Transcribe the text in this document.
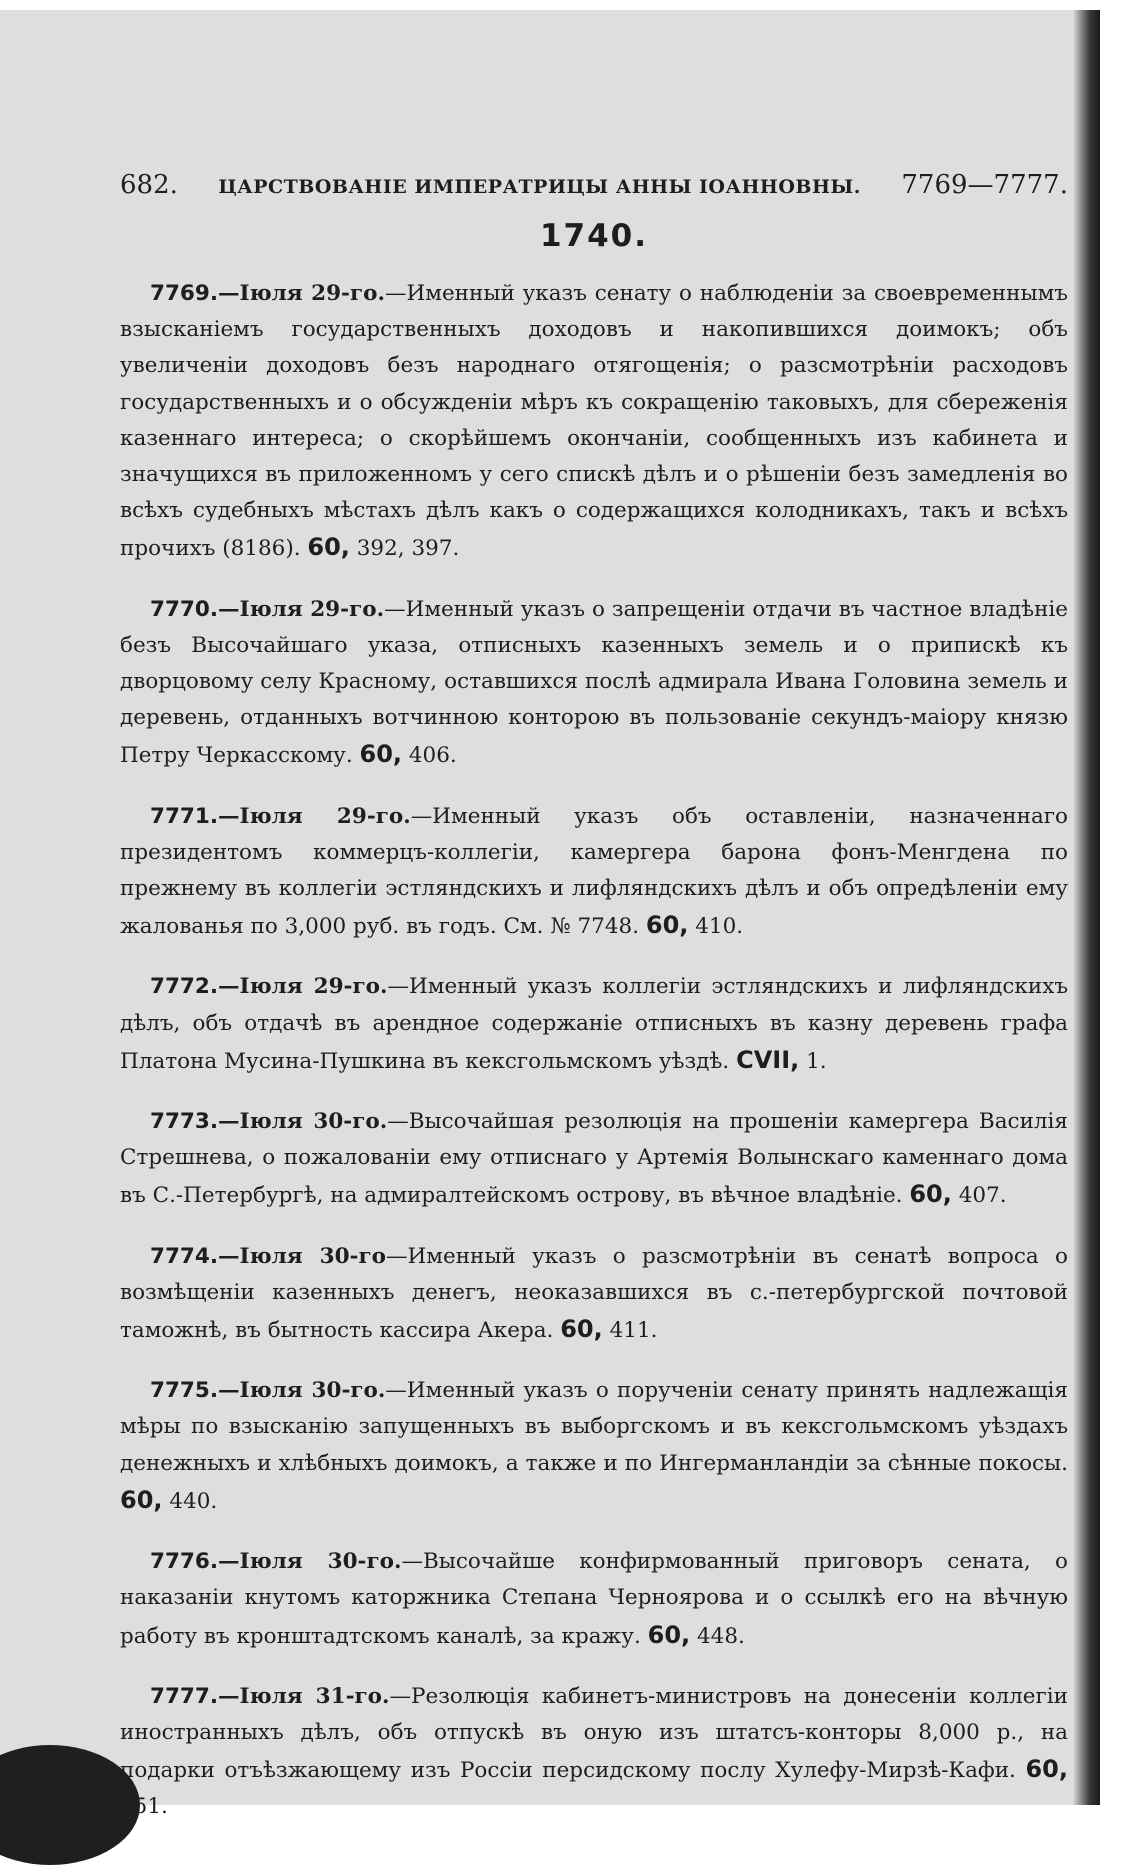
682. ЦАРСТВОВАНІЕ ИМПЕРАТРИЦЫ АННЫ ІОАННОВНЫ. 7769—7777.
1740.

7769.—Іюля 29-го.—Именный указъ сенату о наблюденіи за своевременнымъ взысканіемъ государственныхъ доходовъ и накопившихся доимокъ; объ увеличеніи доходовъ безъ народнаго отягощенія; о разсмотрѣніи расходовъ государственныхъ и о обсужденіи мѣръ къ сокращенію таковыхъ, для сбереженія казеннаго интереса; о скорѣйшемъ окончаніи, сообщенныхъ изъ кабинета и значущихся въ приложенномъ у сего спискѣ дѣлъ и о рѣшеніи безъ замедленія во всѣхъ судебныхъ мѣстахъ дѣлъ какъ о содержащихся колодникахъ, такъ и всѣхъ прочихъ (8186). 60, 392, 397.

7770.—Іюля 29-го.—Именный указъ о запрещеніи отдачи въ частное владѣніе безъ Высочайшаго указа, отписныхъ казенныхъ земель и о припискѣ къ дворцовому селу Красному, оставшихся послѣ адмирала Ивана Головина земель и деревень, отданныхъ вотчинною конторою въ пользованіе секундъ-маіору князю Петру Черкасскому. 60, 406.

7771.—Іюля 29-го.—Именный указъ объ оставленіи, назначеннаго президентомъ коммерцъ-коллегіи, камергера барона фонъ-Менгдена по прежнему въ коллегіи эстляндскихъ и лифляндскихъ дѣлъ и объ опредѣленіи ему жалованья по 3,000 руб. въ годъ. См. № 7748. 60, 410.

7772.—Іюля 29-го.—Именный указъ коллегіи эстляндскихъ и лифляндскихъ дѣлъ, объ отдачѣ въ арендное содержаніе отписныхъ въ казну деревень графа Платона Мусина-Пушкина въ кексгольмскомъ уѣздѣ. CVII, 1.

7773.—Іюля 30-го.—Высочайшая резолюція на прошеніи камергера Василія Стрешнева, о пожалованіи ему отписнаго у Артемія Волынскаго каменнаго дома въ С.-Петербургѣ, на адмиралтейскомъ острову, въ вѣчное владѣніе. 60, 407.

7774.—Іюля 30-го—Именный указъ о разсмотрѣніи въ сенатѣ вопроса о возмѣщеніи казенныхъ денегъ, неоказавшихся въ с.-петербургской почтовой таможнѣ, въ бытность кассира Акера. 60, 411.

7775.—Іюля 30-го.—Именный указъ о порученіи сенату принять надлежащія мѣры по взысканію запущенныхъ въ выборгскомъ и въ кексгольмскомъ уѣздахъ денежныхъ и хлѣбныхъ доимокъ, а также и по Ингерманландіи за сѣнные покосы. 60, 440.

7776.—Іюля 30-го.—Высочайше конфирмованный приговоръ сената, о наказаніи кнутомъ каторжника Степана Черноярова и о ссылкѣ его на вѣчную работу въ кронштадтскомъ каналѣ, за кражу. 60, 448.

7777.—Іюля 31-го.—Резолюція кабинетъ-министровъ на донесеніи коллегіи иностранныхъ дѣлъ, объ отпускѣ въ оную изъ штатсъ-конторы 8,000 р., на подарки отъѣзжающему изъ Россіи персидскому послу Хулефу-Мирзѣ-Кафи. 60, 451.
